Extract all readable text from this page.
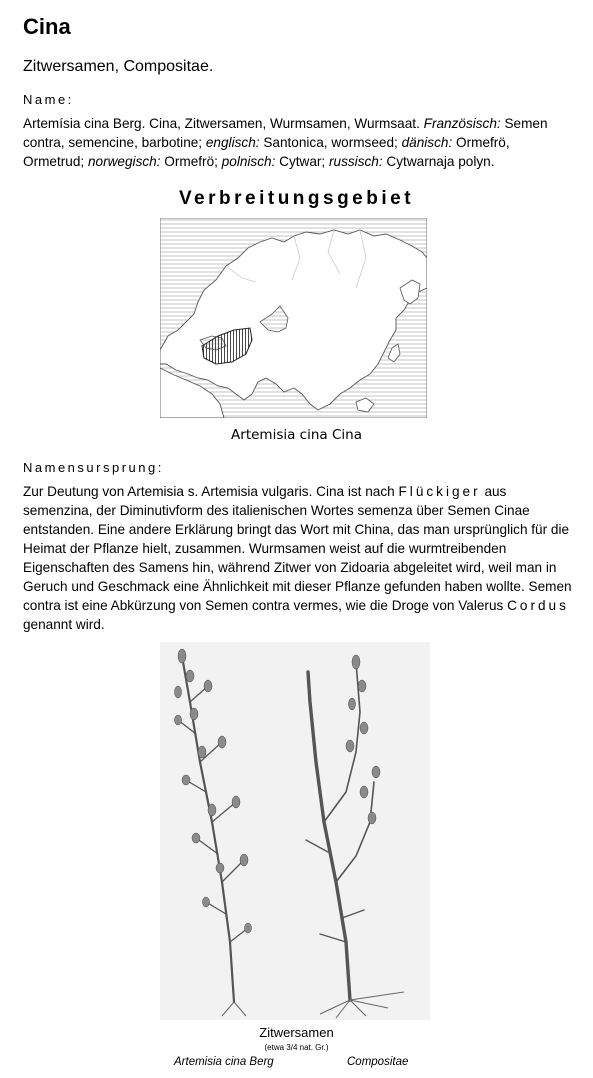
Cina
Zitwersamen, Compositae.
Name:
Artemísia cina Berg. Cina, Zitwersamen, Wurmsamen, Wurmsaat. Französisch: Semen contra, semencine, barbotine; englisch: Santonica, wormseed; dänisch: Ormefrö, Ormetrud; norwegisch: Ormefrö; polnisch: Cytwar; russisch: Cytwarnaja polyn.
Verbreitungsgebiet
Artemisia cina Cina
Namensursprung:
Zur Deutung von Artemisia s. Artemisia vulgaris. Cina ist nach Flückiger aus semenzina, der Diminutivform des italienischen Wortes semenza über Semen Cinae entstanden. Eine andere Erklärung bringt das Wort mit China, das man ursprünglich für die Heimat der Pflanze hielt, zusammen. Wurmsamen weist auf die wurmtreibenden Eigenschaften des Samens hin, während Zitwer von Zidoaria abgeleitet wird, weil man in Geruch und Geschmack eine Ähnlichkeit mit dieser Pflanze gefunden haben wollte. Semen contra ist eine Abkürzung von Semen contra vermes, wie die Droge von Valerus Cordus genannt wird.
Zitwersamen
(etwa 3/4 nat. Gr.)
Artemisia cina Berg	Compositae
